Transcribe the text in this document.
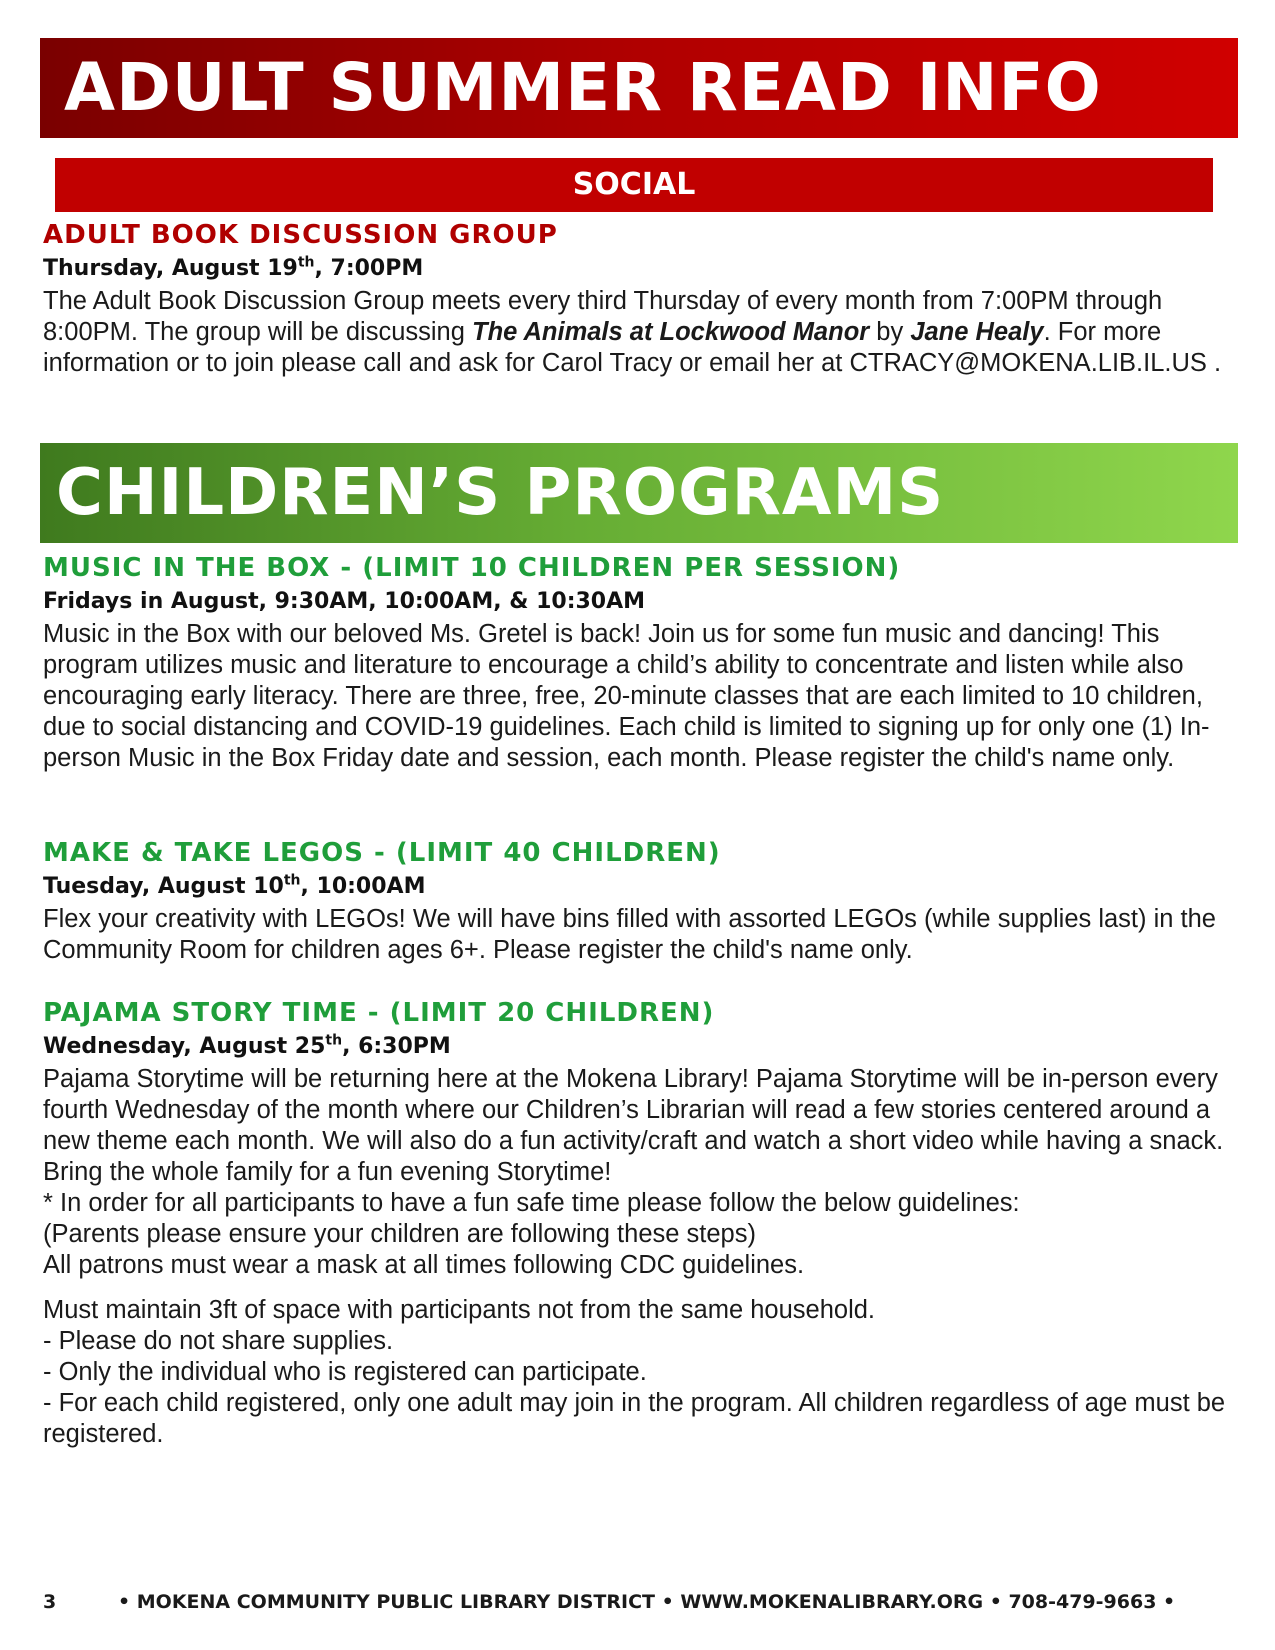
ADULT SUMMER READ INFO
SOCIAL
ADULT BOOK DISCUSSION GROUP
Thursday, August 19th, 7:00PM

The Adult Book Discussion Group meets every third Thursday of every month from 7:00PM through 8:00PM. The group will be discussing The Animals at Lockwood Manor by Jane Healy. For more information or to join please call and ask for Carol Tracy or email her at CTRACY@MOKENA.LIB.IL.US .

CHILDREN’S PROGRAMS
MUSIC IN THE BOX - (LIMIT 10 CHILDREN PER SESSION)
Fridays in August, 9:30AM, 10:00AM, & 10:30AM

Music in the Box with our beloved Ms. Gretel is back! Join us for some fun music and dancing! This program utilizes music and literature to encourage a child’s ability to concentrate and listen while also encouraging early literacy. There are three, free, 20-minute classes that are each limited to 10 children, due to social distancing and COVID-19 guidelines. Each child is limited to signing up for only one (1) In-person Music in the Box Friday date and session, each month. Please register the child's name only.

MAKE & TAKE LEGOS - (LIMIT 40 CHILDREN)
Tuesday, August 10th, 10:00AM

Flex your creativity with LEGOs! We will have bins filled with assorted LEGOs (while supplies last) in the Community Room for children ages 6+. Please register the child's name only.

PAJAMA STORY TIME - (LIMIT 20 CHILDREN)
Wednesday, August 25th, 6:30PM

Pajama Storytime will be returning here at the Mokena Library! Pajama Storytime will be in-person every fourth Wednesday of the month where our Children’s Librarian will read a few stories centered around a new theme each month. We will also do a fun activity/craft and watch a short video while having a snack. Bring the whole family for a fun evening Storytime!

* In order for all participants to have a fun safe time please follow the below guidelines:

(Parents please ensure your children are following these steps)

All patrons must wear a mask at all times following CDC guidelines.

Must maintain 3ft of space with participants not from the same household.

- Please do not share supplies.

- Only the individual who is registered can participate.

- For each child registered, only one adult may join in the program. All children regardless of age must be registered.

3	• MOKENA COMMUNITY PUBLIC LIBRARY DISTRICT • WWW.MOKENALIBRARY.ORG • 708-479-9663 •
